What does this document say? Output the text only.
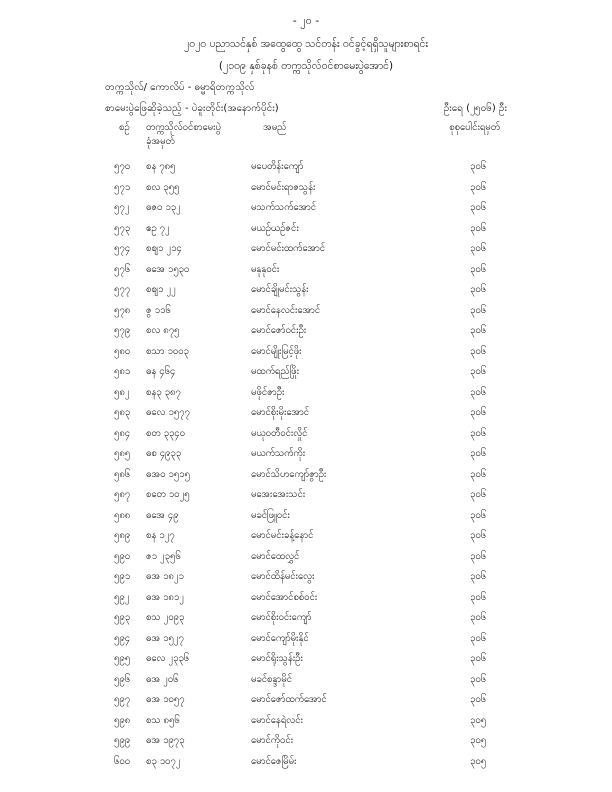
- ၂၀ -
၂၀၂၀ ပညာသင်နှစ် အထွေထွေ သင်တန်း ဝင်ခွင့်ရရှိသူများစာရင်း
(၂၁၀၉ နှစ်ခုနစ် တက္ကသိုလ်ဝင်စာမေးပွဲအောင်)
တက္ကသိုလ်/ ကောလိပ် - ဓမ္မာရိတက္ကသိုလ်
စာမေးပွဲဖြေဆိုခဲ့သည့် - ပဲခူးတိုင်း(အနောက်ပိုင်း)	ဦးရေ (၂၅၀၆) ဦး
စဉ် တက္ကသိုလ်ဝင်စာမေးပွဲ
ခုံအမှတ်
အမည်	စုစုပေါင်းရမှတ်
၅၇၀ စန ၇၈၅	မပေတိန်းကျော်	၃၀၆
၅၇၁ စလ ၃၅၅	မောင်မင်းရာဇသွန်း	၃၀၆
၅၇၂ ဓဇ၀ ၁၃၂	မသက်သက်အောင်	၃၀၆
၅၇၃ ဧဥ ၇၂	မယဉ်ယဉ်ဇင်း	၃၀၆
၅၇၄ စဈ၁ ၂၁၄	မောင်မင်းထက်အောင်	၃၀၆
၅၇၆ ဓအေ ၁၅၃၀	မနုနုဝင်း	၃၀၆
၅၇၇ စဈ၁ ၂၂	မောင်ချိုမင်းသွန်း	၃၀၆
၅၇၈ ဇွ ၁၁၆	မောင်နေလင်းအောင်	၃၀၆
၅၇၉ စလ ၈၇၅	မောင်ဇော်ဝင်းဦး	၃၀၆
၅၈၀ စသာ ၁၀၀၃	မောင်မျိုးမြင့်ဖိုး	၃၀၆
၅၈၁ ဓန ၄၆၄	မထက်ရည်ဖြိုး	၃၀၆
၅၈၂ စန၃ ၃၈၇	မဖိုင်ဇာဦး	၃၀၆
၅၈၃ ဓလေ ၁၅၇၇	မောင်စိုးမိုးအောင်	၃၀၆
၅၈၄ စတ ၃၃၄၀	မယုဝတီဝင်းလှိုင်	၃၀၆
၅၈၅ ဓစ ၄၉၃၃	မယက်သက်ကိုး	၃၀၆
၅၈၆ ဓအ၀ ၁၅၁၅	မောင်သိဟကျော်ဇွာဦး	၃၀၆
၅၈၇ စတေ ၁၀၂၅	မအေးအေးသင်း	၃၀၆
၅၈၈ ဓအေ ၄၉	မခင်ဖြူဝင်း	၃၀၆
၅၈၉ စန ၁၂၇	မောင်မင်းခန့်နောင်	၃၀၆
၅၉၀ ဇ၁ ၂၃၅၆	မောင်ထေလွှင်	၃၀၆
၅၉၁ ဓအ ၁၈၂၁	မောင်ထိန်မင်းလွေး	၃၀၆
၅၉၂ ဓအ ၁၈၁၂	မောင်အောင်စစ်ဝင်း	၃၀၆
၅၉၃ စသ ၂၀၉၃	မောင်စိုးဝင်းကျော်	၃၀၆
၅၉၄ ဓအ ၁၅၂၇	မောင်ကျော်မိုးနိုင်	၃၀၆
၅၉၅ ဓလေ ၂၃၃၆	မောင်ရိုးသွန်းဦး	၃၀၆
၅၉၆ ဓအ ၂၀၆	မခင်စန္ဒာမိုင်	၃၀၆
၅၉၇ ဓအ ၁၀၅၇	မောင်ဇော်ထက်အောင်	၃၀၆
၅၉၈ စသ ၈၅၆	မောင်နေရဲလင်း	၃၀၅
၅၉၉ ဓအ ၁၉၇၃	မောင်ကိုဝင်း	၃၀၅
၆၀၀ စ၃ ၁၀၇၂	မောင်ဇေမြိမ်း	၃၀၅
